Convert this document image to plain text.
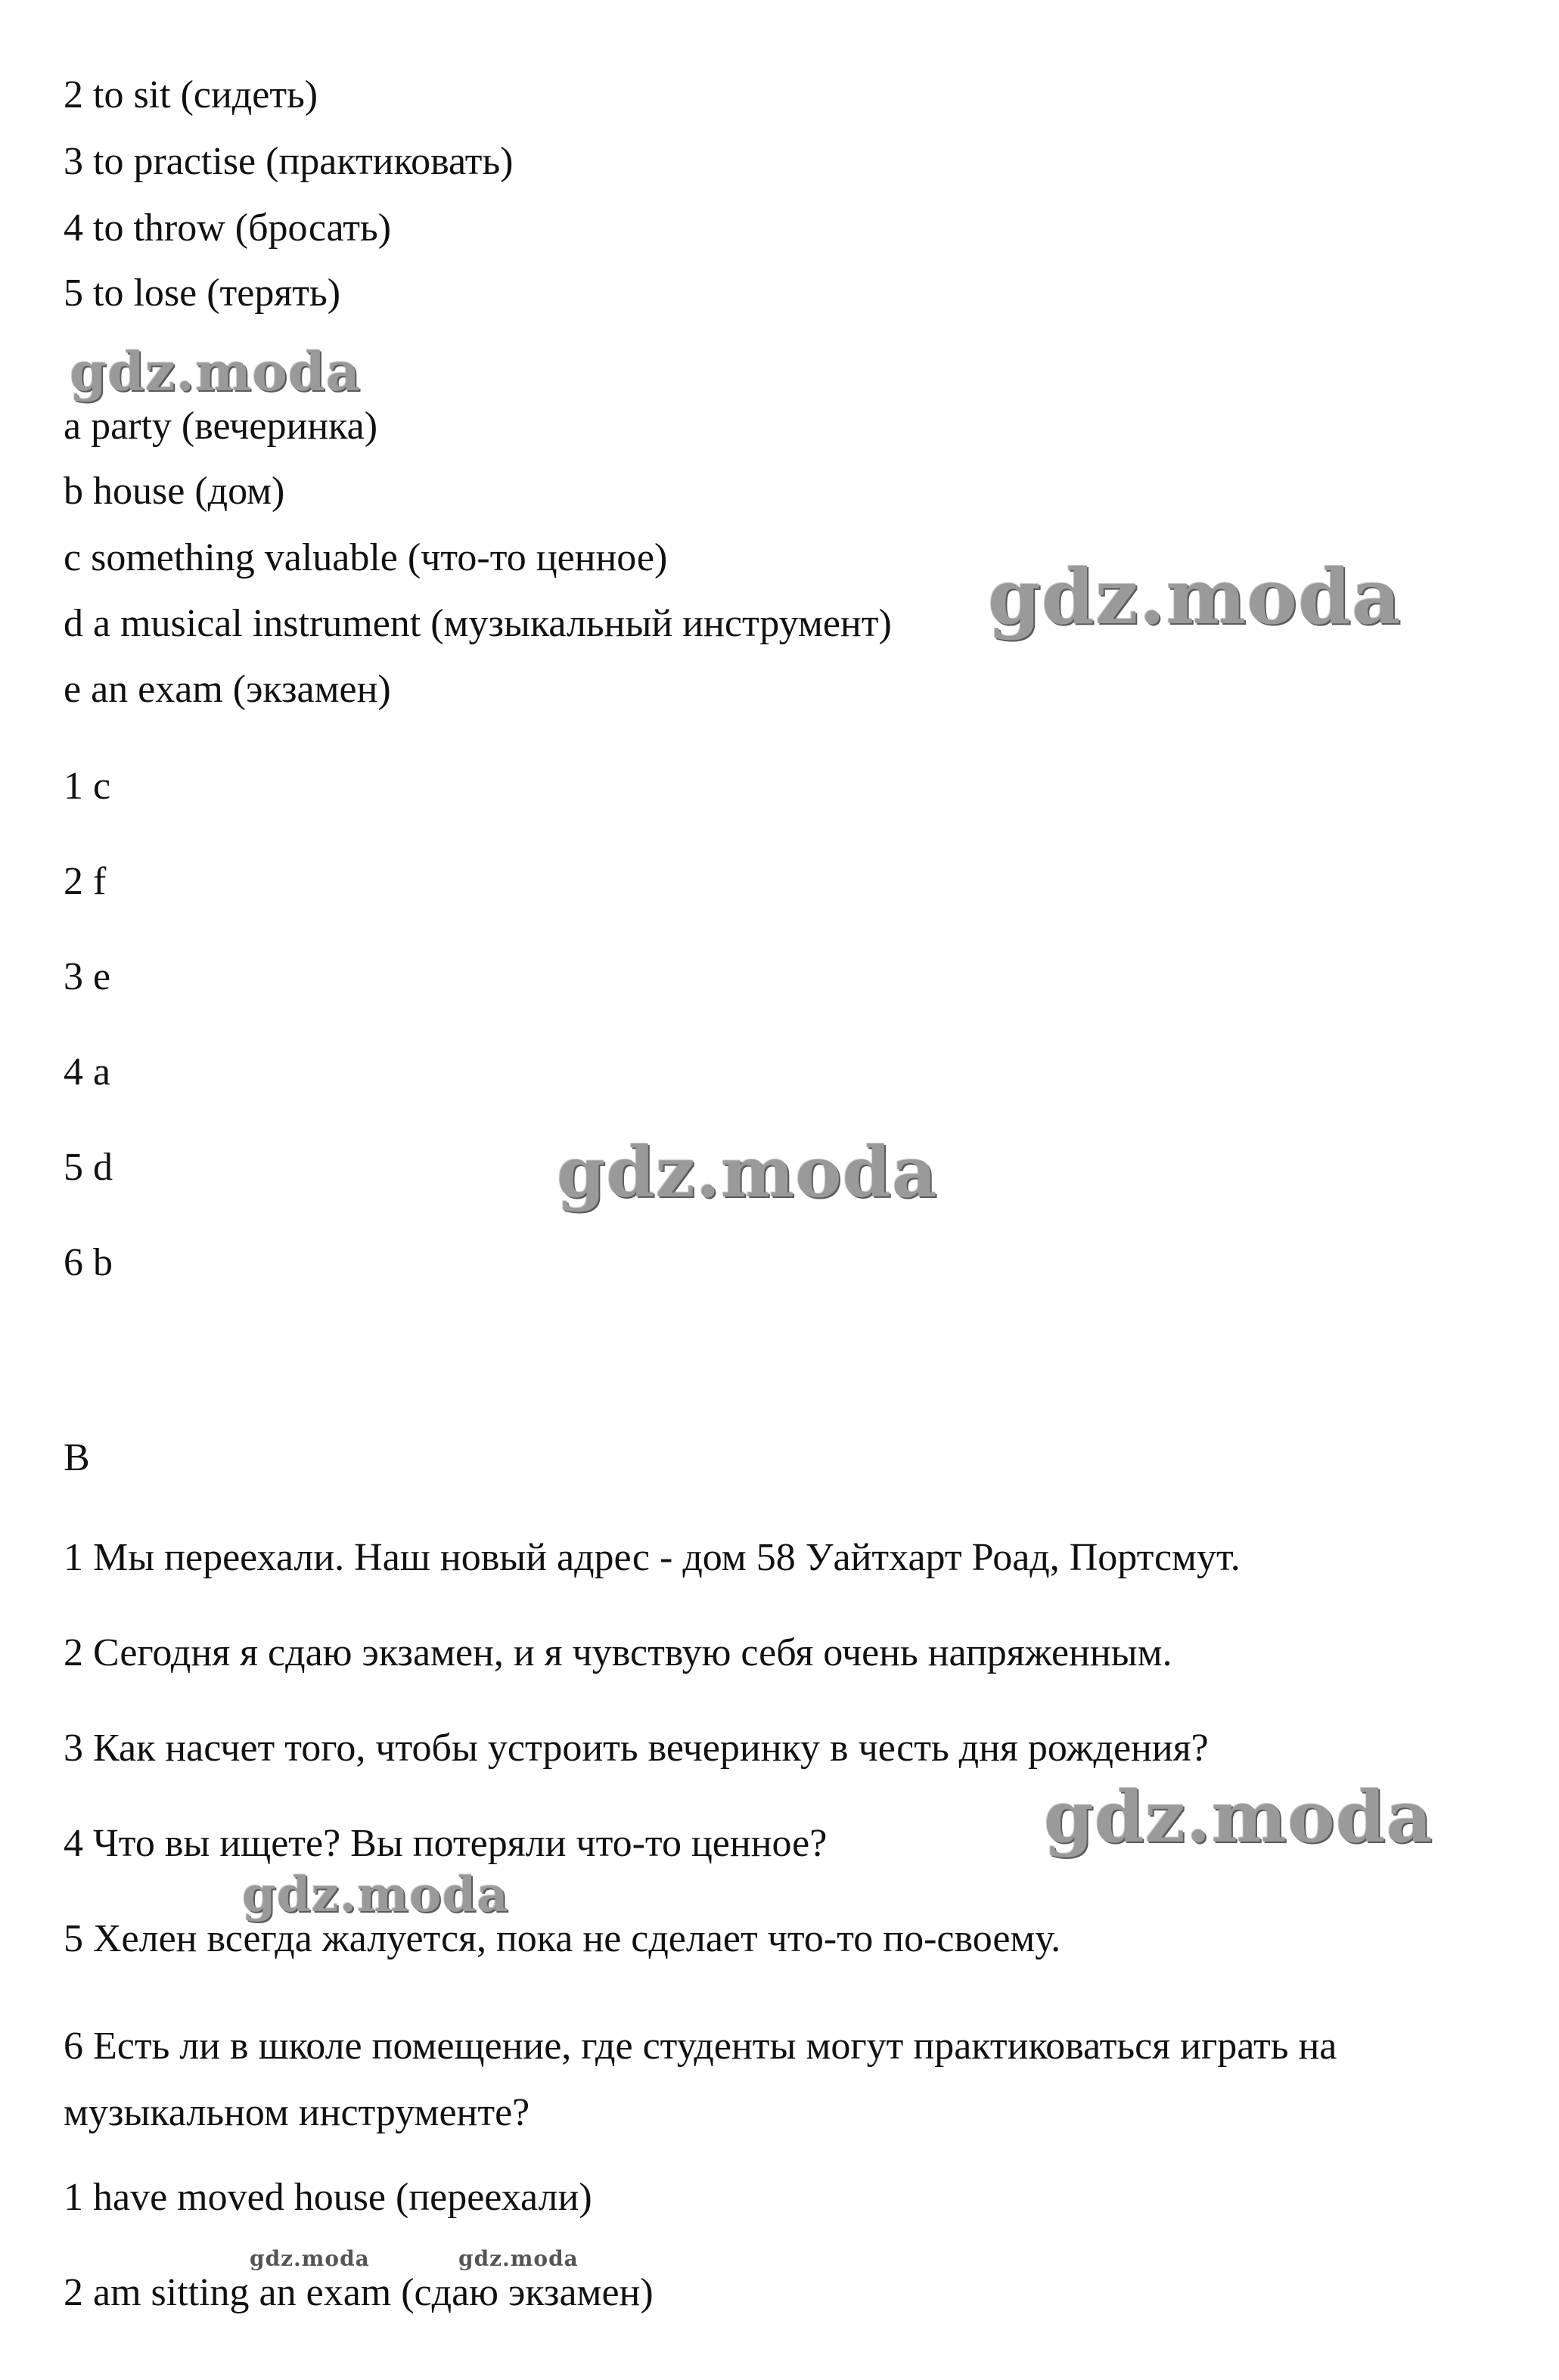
2 to sit (сидеть)
3 to practise (практиковать)
4 to throw (бросать)
5 to lose (терять)
a party (вечеринка)
b house (дом)
c something valuable (что-то ценное)
d a musical instrument (музыкальный инструмент)
e an exam (экзамен)
1 c
2 f
3 e
4 a
5 d
6 b
B
1 Мы переехали. Наш новый адрес - дом 58 Уайтхарт Роад, Портсмут.
2 Сегодня я сдаю экзамен, и я чувствую себя очень напряженным.
3 Как насчет того, чтобы устроить вечеринку в честь дня рождения?
4 Что вы ищете? Вы потеряли что-то ценное?
5 Хелен всегда жалуется, пока не сделает что-то по-своему.
6 Есть ли в школе помещение, где студенты могут практиковаться играть на музыкальном инструменте?
1 have moved house (переехали)
2 am sitting an exam (сдаю экзамен)
gdz.moda
gdz.moda
gdz.moda
gdz.moda
gdz.moda
gdz.moda	gdz.moda
